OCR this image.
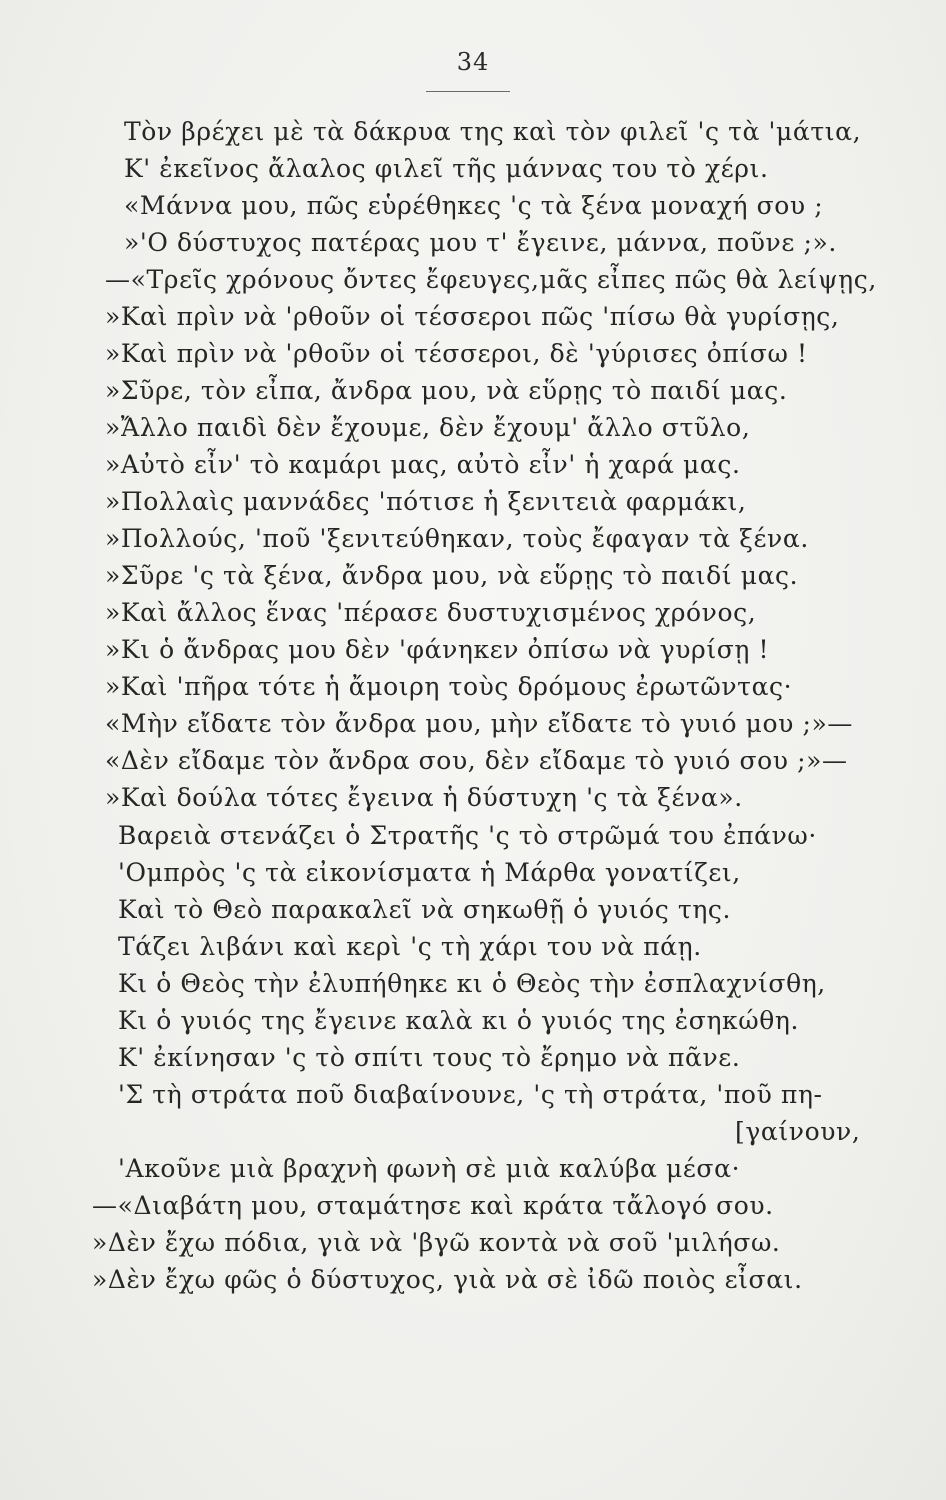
34
Τὸν βρέχει μὲ τὰ δάκρυα της καὶ τὸν φιλεῖ 'ς τὰ 'μάτια,
Κ' ἐκεῖνος ἄλαλος φιλεῖ τῆς μάννας του τὸ χέρι.
«Μάννα μου, πῶς εὑρέθηκες 'ς τὰ ξένα μοναχή σου ;
»'Ο δύστυχος πατέρας μου τ' ἔγεινε, μάννα, ποῦνε ;».
—«Τρεῖς χρόνους ὄντες ἔφευγες,μᾶς εἶπες πῶς θὰ λείψῃς,
»Καὶ πρὶν νὰ 'ρθοῦν οἱ τέσσεροι πῶς 'πίσω θὰ γυρίσῃς,
»Καὶ πρὶν νὰ 'ρθοῦν οἱ τέσσεροι, δὲ 'γύρισες ὀπίσω !
»Σῦρε, τὸν εἶπα, ἄνδρα μου, νὰ εὕρῃς τὸ παιδί μας.
»Ἄλλο παιδὶ δὲν ἔχουμε, δὲν ἔχουμ' ἄλλο στῦλο,
»Αὐτὸ εἶν' τὸ καμάρι μας, αὐτὸ εἶν' ἡ χαρά μας.
»Πολλαὶς μαννάδες 'πότισε ἡ ξενιτειὰ φαρμάκι,
»Πολλούς, 'ποῦ 'ξενιτεύθηκαν, τοὺς ἔφαγαν τὰ ξένα.
»Σῦρε 'ς τὰ ξένα, ἄνδρα μου, νὰ εὕρῃς τὸ παιδί μας.
»Καὶ ἄλλος ἕνας 'πέρασε δυστυχισμένος χρόνος,
»Κι ὁ ἄνδρας μου δὲν 'φάνηκεν ὀπίσω νὰ γυρίσῃ !
»Καὶ 'πῆρα τότε ἡ ἄμοιρη τοὺς δρόμους ἐρωτῶντας·
«Μὴν εἴδατε τὸν ἄνδρα μου, μὴν εἴδατε τὸ γυιό μου ;»—
«Δὲν εἴδαμε τὸν ἄνδρα σου, δὲν εἴδαμε τὸ γυιό σου ;»—
»Καὶ δούλα τότες ἔγεινα ἡ δύστυχη 'ς τὰ ξένα».
Βαρειὰ στενάζει ὁ Στρατῆς 'ς τὸ στρῶμά του ἐπάνω·
'Ομπρὸς 'ς τὰ εἰκονίσματα ἡ Μάρθα γονατίζει,
Καὶ τὸ Θεὸ παρακαλεῖ νὰ σηκωθῇ ὁ γυιός της.
Τάζει λιβάνι καὶ κερὶ 'ς τὴ χάρι του νὰ πάῃ.
Κι ὁ Θεὸς τὴν ἐλυπήθηκε κι ὁ Θεὸς τὴν ἐσπλαχνίσθη,
Κι ὁ γυιός της ἔγεινε καλὰ κι ὁ γυιός της ἐσηκώθη.
Κ' ἐκίνησαν 'ς τὸ σπίτι τους τὸ ἔρημο νὰ πᾶνε.
'Σ τὴ στράτα ποῦ διαβαίνουνε, 'ς τὴ στράτα, 'ποῦ πη-
[γαίνουν,
'Ακοῦνε μιὰ βραχνὴ φωνὴ σὲ μιὰ καλύβα μέσα·
—«Διαβάτη μου, σταμάτησε καὶ κράτα τἄλογό σου.
»Δὲν ἔχω πόδια, γιὰ νὰ 'βγῶ κοντὰ νὰ σοῦ 'μιλήσω.
»Δὲν ἔχω φῶς ὁ δύστυχος, γιὰ νὰ σὲ ἰδῶ ποιὸς εἶσαι.
